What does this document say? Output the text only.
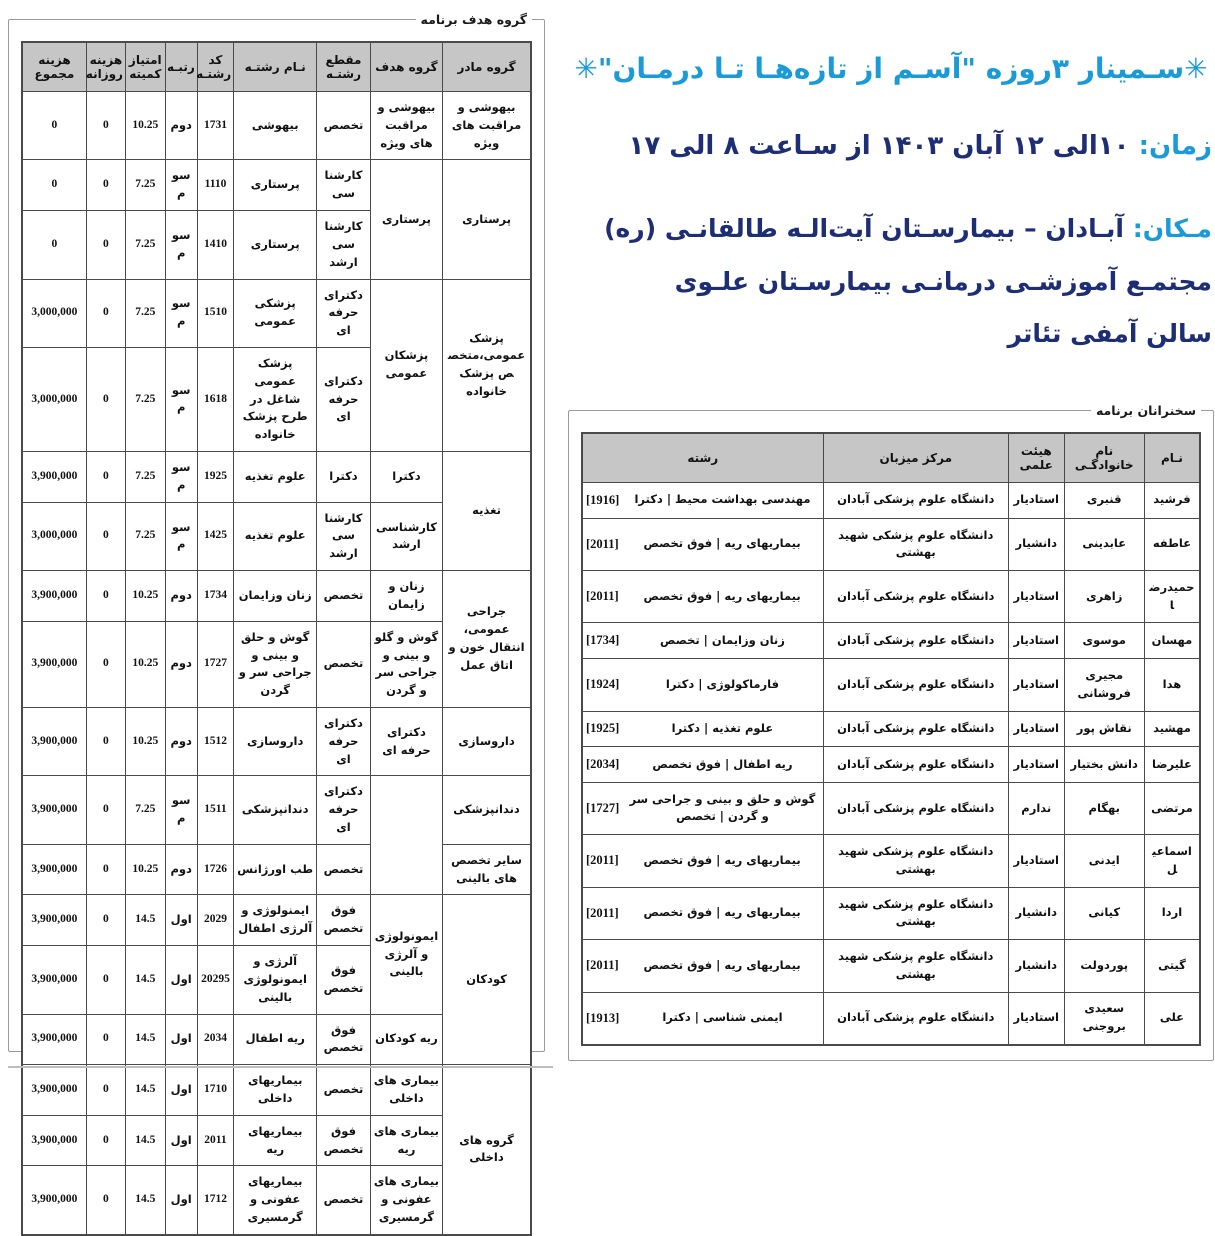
گروه هدف برنامه
گروه مادر	گروه هدف	مقطع رشتـه	نـام رشتـه	کد رشتـه	رتبـه	امتیاز کمیته	هزینه روزانه	هزینه مجموع
بیهوشی و مراقبت های ویژه	بیهوشی و مراقبت های ویژه	تخصص	بیهوشی	1731	دوم	10.25	0	0
پرستاری	پرستاری	کارشناسی	پرستاری	1110	سوم	7.25	0	0
		کارشناسی ارشد	پرستاری	1410	سوم	7.25	0	0
پزشک عمومی،متخصص پزشک خانواده	پزشکان عمومی	دکترای حرفه ای	پزشکی عمومی	1510	سوم	7.25	0	3,000,000
		دکترای حرفه ای	پزشک عمومی شاغل در طرح پزشک خانواده	1618	سوم	7.25	0	3,000,000
تغذیه	دکترا	دکترا	علوم تغذیه	1925	سوم	7.25	0	3,900,000
	کارشناسی ارشد	کارشناسی ارشد	علوم تغذیه	1425	سوم	7.25	0	3,000,000
جراحی عمومی، انتقال خون و اتاق عمل	زنان و زایمان	تخصص	زنان وزایمان	1734	دوم	10.25	0	3,900,000
	گوش و گلو و بینی و جراحی سر و گردن	تخصص	گوش و حلق و بینی و جراحی سر و گردن	1727	دوم	10.25	0	3,900,000
داروسازی	دکترای حرفه ای	دکترای حرفه ای	داروسازی	1512	دوم	10.25	0	3,900,000
دندانپزشکی		دکترای حرفه ای	دندانپزشکی	1511	سوم	7.25	0	3,900,000
سایر تخصص های بالینی		تخصص	طب اورژانس	1726	دوم	10.25	0	3,900,000
کودکان	ایمونولوژی و آلرژی بالینی	فوق تخصص	ایمنولوژی و آلرژی اطفال	2029	اول	14.5	0	3,900,000
		فوق تخصص	آلرژی و ایمونولوژی بالینی	20295	اول	14.5	0	3,900,000
	ریه کودکان	فوق تخصص	ریه اطفال	2034	اول	14.5	0	3,900,000
گروه های داخلی	بیماری های داخلی	تخصص	بیماریهای داخلی	1710	اول	14.5	0	3,900,000
	بیماری های ریه	فوق تخصص	بیماریهای ریه	2011	اول	14.5	0	3,900,000
	بیماری های عفونی و گرمسیری	تخصص	بیماریهای عفونی و گرمسیری	1712	اول	14.5	0	3,900,000
✳سـمینار ۳روزه "آسـم از تازه‌هـا تـا درمـان"✳
زمان: ۱۰الی ۱۲ آبان ۱۴۰۳ از سـاعت ۸ الی ۱۷
مـکان: آبـادان – بیمارسـتان آیت‌الـه طالقانـی (ره)
مجتمـع آموزشـی درمانـی بیمارسـتان علـوی
سالن آمفی تئاتر
سخنرانان برنامه
نـام	نام خانوادگـی	هیئت علمی	مرکز میزبان	رشته
فرشید	قنبری	استادیار	دانشگاه علوم پزشکی آبادان	[1916] مهندسی بهداشت محیط | دکترا

عاطفه	عابدینی	دانشیار	دانشگاه علوم پزشکی شهید بهشتی	[2011] بیماریهای ریه | فوق تخصص

حمیدرضا	زاهری	استادیار	دانشگاه علوم پزشکی آبادان	[2011] بیماریهای ریه | فوق تخصص

مهسان	موسوی	استادیار	دانشگاه علوم پزشکی آبادان	[1734] زنان وزایمان | تخصص

هدا	مجیری فروشانی	استادیار	دانشگاه علوم پزشکی آبادان	[1924] فارماکولوژی | دکترا

مهشید	نقاش پور	استادیار	دانشگاه علوم پزشکی آبادان	[1925] علوم تغذیه | دکترا

علیرضا	دانش بختیار	استادیار	دانشگاه علوم پزشکی آبادان	[2034] ریه اطفال | فوق تخصص

مرتضی	بهگام	ندارم	دانشگاه علوم پزشکی آبادان	[1727]
گوش و حلق و بینی و جراحی سر و گردن | تخصص

اسماعیل	ایدنی	استادیار	دانشگاه علوم پزشکی شهید بهشتی	[2011] بیماریهای ریه | فوق تخصص

اردا	کیانی	دانشیار	دانشگاه علوم پزشکی شهید بهشتی	[2011] بیماریهای ریه | فوق تخصص

گیتی	پوردولت	دانشیار	دانشگاه علوم پزشکی شهید بهشتی	[2011] بیماریهای ریه | فوق تخصص

علی	سعیدی بروجنی	استادیار	دانشگاه علوم پزشکی آبادان	[1913] ایمنی شناسی | دکترا
